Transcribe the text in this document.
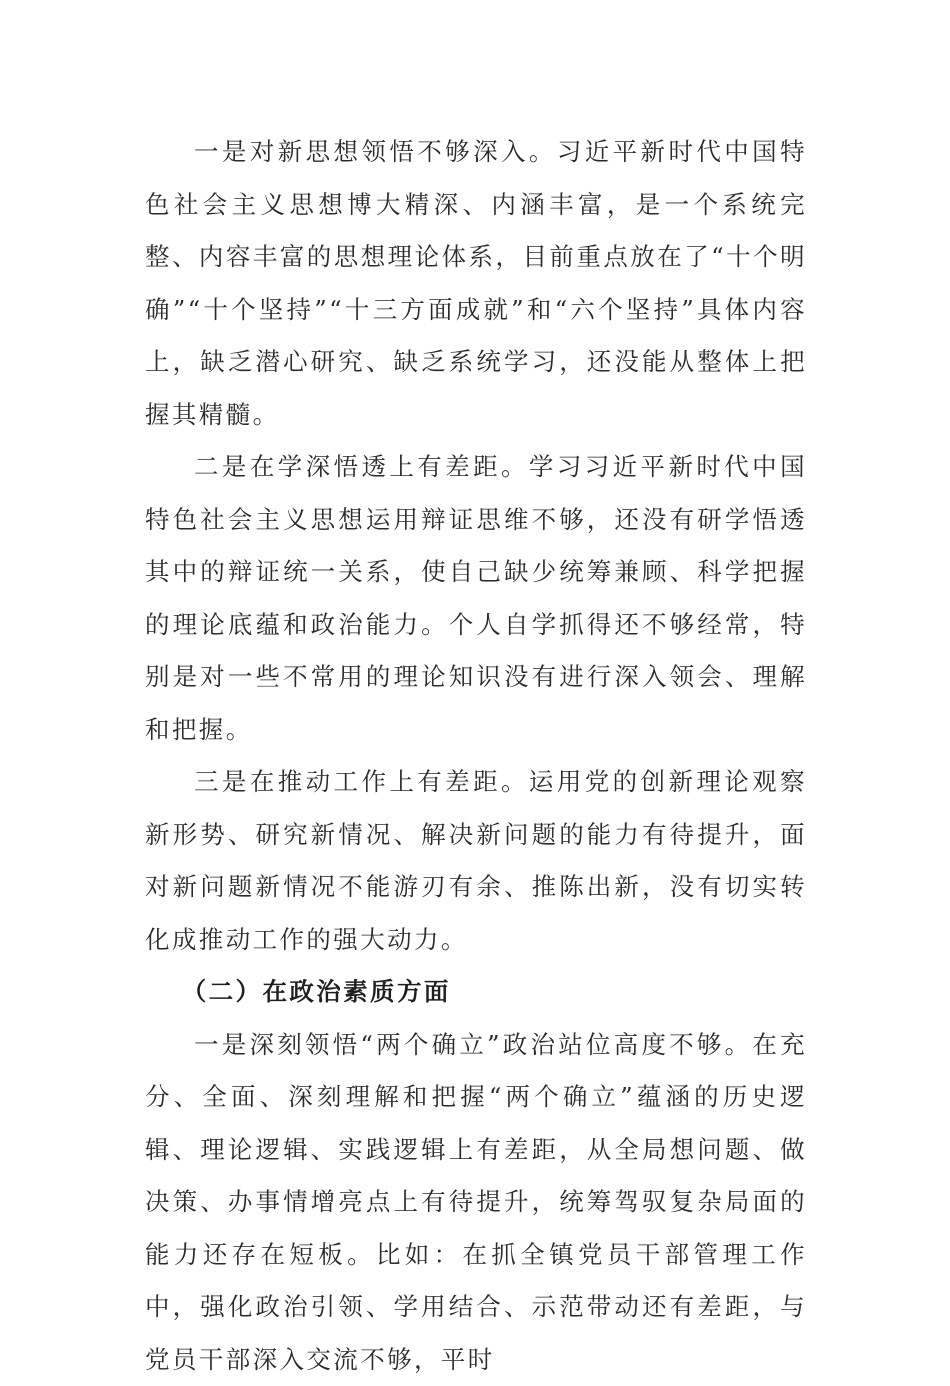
一是对新思想领悟不够深入。习近平新时代中国特色社会主义思想博大精深、内涵丰富，是一个系统完整、内容丰富的思想理论体系，目前重点放在了“十个明确”“十个坚持”“十三方面成就”和“六个坚持”具体内容上，缺乏潜心研究、缺乏系统学习，还没能从整体上把握其精髓。

二是在学深悟透上有差距。学习习近平新时代中国特色社会主义思想运用辩证思维不够，还没有研学悟透其中的辩证统一关系，使自己缺少统筹兼顾、科学把握的理论底蕴和政治能力。个人自学抓得还不够经常，特别是对一些不常用的理论知识没有进行深入领会、理解和把握。

三是在推动工作上有差距。运用党的创新理论观察新形势、研究新情况、解决新问题的能力有待提升，面对新问题新情况不能游刃有余、推陈出新，没有切实转化成推动工作的强大动力。

（二）在政治素质方面

一是深刻领悟“两个确立”政治站位高度不够。在充分、全面、深刻理解和把握“两个确立”蕴涵的历史逻辑、理论逻辑、实践逻辑上有差距，从全局想问题、做决策、办事情增亮点上有待提升，统筹驾驭复杂局面的能力还存在短板。比如：在抓全镇党员干部管理工作中，强化政治引领、学用结合、示范带动还有差距，与党员干部深入交流不够，平时
